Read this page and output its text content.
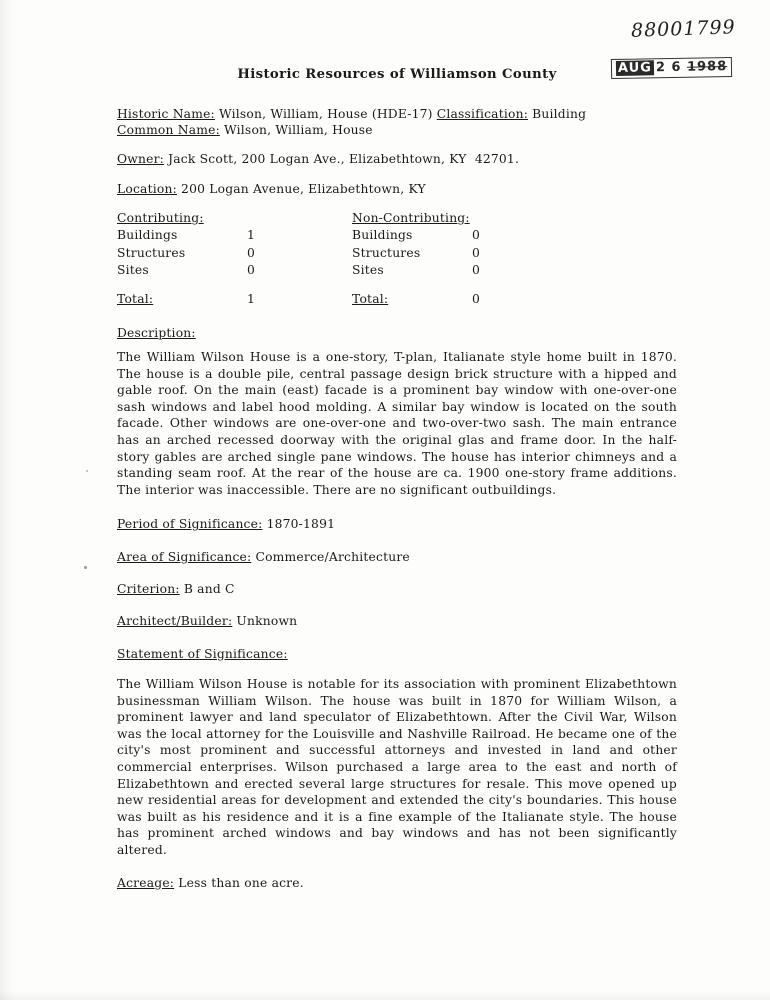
88001799
AUG 2 6 1988
Historic Resources of Williamson County
Historic Name: Wilson, William, House (HDE-17) Classification: Building
Common Name: Wilson, William, House
Owner: Jack Scott, 200 Logan Ave., Elizabethtown, KY  42701.
Location: 200 Logan Avenue, Elizabethtown, KY
Contributing:		Non-Contributing:	
Buildings	1	Buildings	0
Structures	0	Structures	0
Sites	0	Sites	0
Total:	1	Total:	0
Description:

The William Wilson House is a one-story, T-plan, Italianate style home built in 1870. The house is a double pile, central passage design brick structure with a hipped and gable roof. On the main (east) facade is a prominent bay window with one-over-one sash windows and label hood molding. A similar bay window is located on the south facade. Other windows are one-over-one and two-over-two sash. The main entrance has an arched recessed doorway with the original glas and frame door. In the half-story gables are arched single pane windows. The house has interior chimneys and a standing seam roof. At the rear of the house are ca. 1900 one-story frame additions. The interior was inaccessible. There are no significant outbuildings.

Period of Significance: 1870-1891
Area of Significance: Commerce/Architecture
Criterion: B and C
Architect/Builder: Unknown
Statement of Significance:

The William Wilson House is notable for its association with prominent Elizabethtown businessman William Wilson. The house was built in 1870 for William Wilson, a prominent lawyer and land speculator of Elizabethtown. After the Civil War, Wilson was the local attorney for the Louisville and Nashville Railroad. He became one of the city's most prominent and successful attorneys and invested in land and other commercial enterprises. Wilson purchased a large area to the east and north of Elizabethtown and erected several large structures for resale. This move opened up new residential areas for development and extended the city's boundaries. This house was built as his residence and it is a fine example of the Italianate style. The house has prominent arched windows and bay windows and has not been significantly altered.

Acreage: Less than one acre.
